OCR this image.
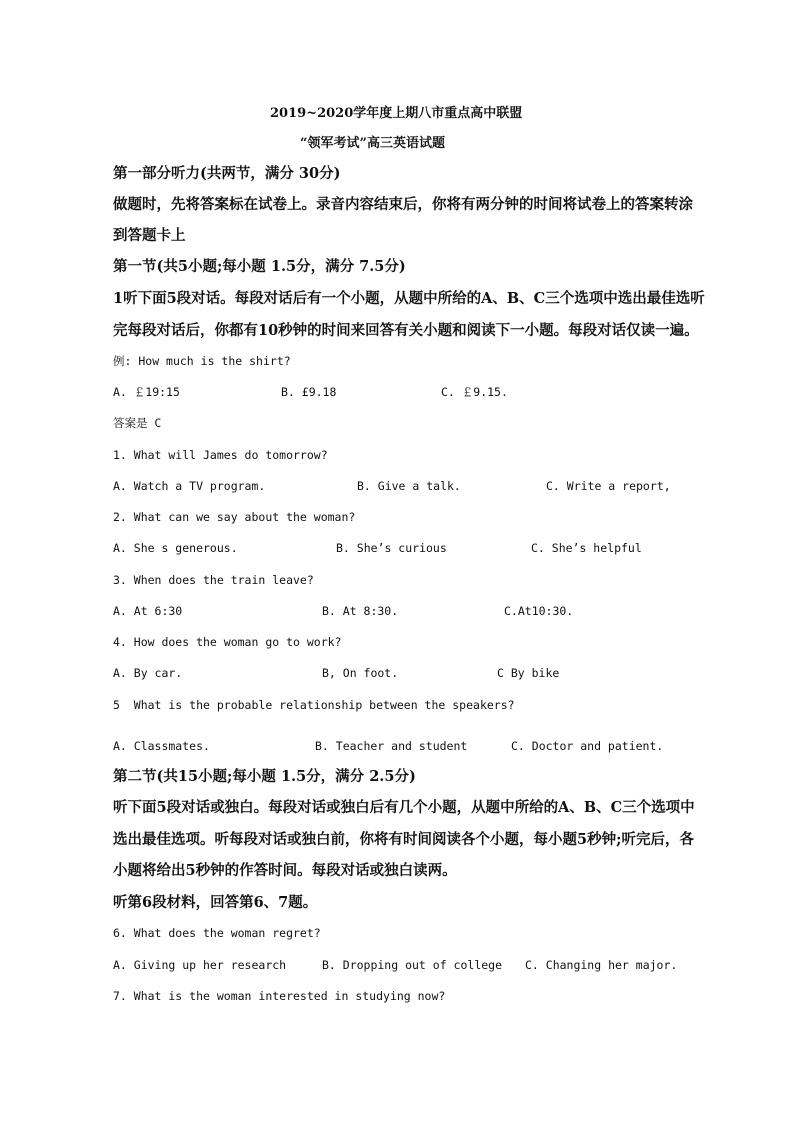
2019~2020学年度上期八市重点高中联盟
“领军考试”高三英语试题
第一部分听力(共两节，满分 30分)
做题时，先将答案标在试卷上。录音内容结束后，你将有两分钟的时间将试卷上的答案转涂
到答题卡上
第一节(共5小题;每小题 1.5分，满分 7.5分)
1听下面5段对话。每段对话后有一个小题，从题中所给的A、B、C三个选项中选出最佳选听
完每段对话后，你都有10秒钟的时间来回答有关小题和阅读下一小题。每段对话仅读一遍。
例: How much is the shirt?
A. ￡19:15	B. £9.18	C. ￡9.15.
答案是 C
1. What will James do tomorrow?
A. Watch a TV program.	B. Give a talk.	C. Write a report,
2. What can we say about the woman?
A. She s generous.	B. She’s curious	C. She’s helpful
3. When does the train leave?
A. At 6:30	B. At 8:30.	C.At10:30.
4. How does the woman go to work?
A. By car.	B, On foot.	C By bike
5  What is the probable relationship between the speakers?
A. Classmates.	B. Teacher and student	C. Doctor and patient.
第二节(共15小题;每小题 1.5分，满分 2.5分)
听下面5段对话或独白。每段对话或独白后有几个小题，从题中所给的A、B、C三个选项中
选出最佳选项。听每段对话或独白前，你将有时间阅读各个小题，每小题5秒钟;听完后，各
小题将给出5秒钟的作答时间。每段对话或独白读两。
听第6段材料，回答第6、7题。
6. What does the woman regret?
A. Giving up her research	B. Dropping out of college C. Changing her major.
7. What is the woman interested in studying now?
